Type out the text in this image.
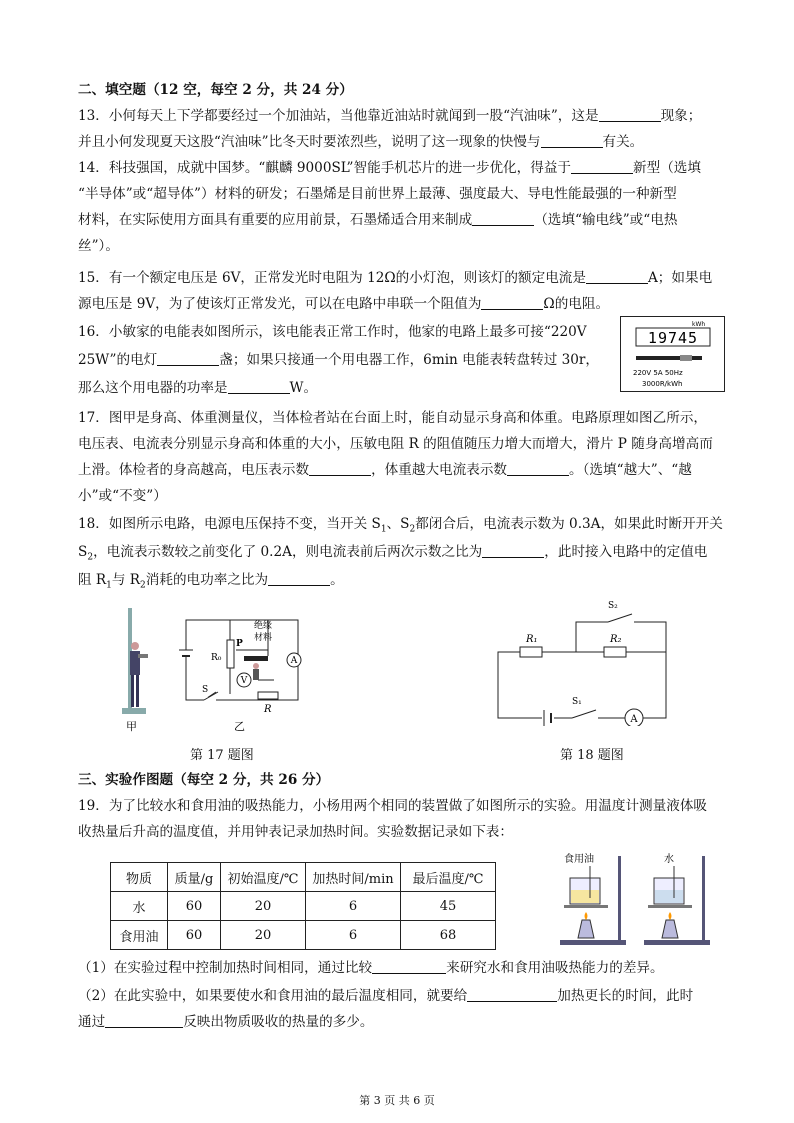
二、填空题（12 空，每空 2 分，共 24 分）
13．小何每天上下学都要经过一个加油站，当他靠近油站时就闻到一股“汽油味”，这是	现象；
并且小何发现夏天这股“汽油味”比冬天时要浓烈些，说明了这一现象的快慢与	有关。
14．科技强国，成就中国梦。“麒麟 9000SL”智能手机芯片的进一步优化，得益于	新型（选填
“半导体”或“超导体”）材料的研发；石墨烯是目前世界上最薄、强度最大、导电性能最强的一种新型
材料，在实际使用方面具有重要的应用前景，石墨烯适合用来制成	（选填“输电线”或“电热
丝”）。
15．有一个额定电压是 6V，正常发光时电阻为 12Ω的小灯泡，则该灯的额定电流是	A；如果电
源电压是 9V，为了使该灯正常发光，可以在电路中串联一个阻值为	Ω的电阻。
16．小敏家的电能表如图所示，该电能表正常工作时，他家的电路上最多可接“220V
25W”的电灯	盏；如果只接通一个用电器工作，6min 电能表转盘转过 30r，
那么这个用电器的功率是	W。
kWh
19745
220V 5A 50Hz
3000R/kWh
17．图甲是身高、体重测量仪，当体检者站在台面上时，能自动显示身高和体重。电路原理如图乙所示，
电压表、电流表分别显示身高和体重的大小，压敏电阻 R 的阻值随压力增大而增大，滑片 P 随身高增高而
上滑。体检者的身高越高，电压表示数	，体重越大电流表示数	。（选填“越大”、“越
小”或“不变”）
18．如图所示电路，电源电压保持不变，当开关 $S_1$、$S_2$都闭合后，电流表示数为 0.3A，如果此时断开开关
$S_2$，电流表示数较之前变化了 0.2A，则电流表前后两次示数之比为	，此时接入电路中的定值电
阻 $R_1$与 $R_2$消耗的电功率之比为	。
甲
R₀
P
绝缘
材料
A
V
R
S
乙
第 17 题图
R₁	R₂
S₂
S₁
A
第 18 题图
三、实验作图题（每空 2 分，共 26 分）
19．为了比较水和食用油的吸热能力，小杨用两个相同的装置做了如图所示的实验。用温度计测量液体吸
收热量后升高的温度值，并用钟表记录加热时间。实验数据记录如下表：
物质	质量/g	初始温度/℃	加热时间/min	最后温度/℃
水	60	20	6	45
食用油	60	20	6	68
食用油	水
（1）在实验过程中控制加热时间相同，通过比较	来研究水和食用油吸热能力的差异。
（2）在此实验中，如果要使水和食用油的最后温度相同，就要给	加热更长的时间，此时
通过	反映出物质吸收的热量的多少。
第 3 页 共 6 页
